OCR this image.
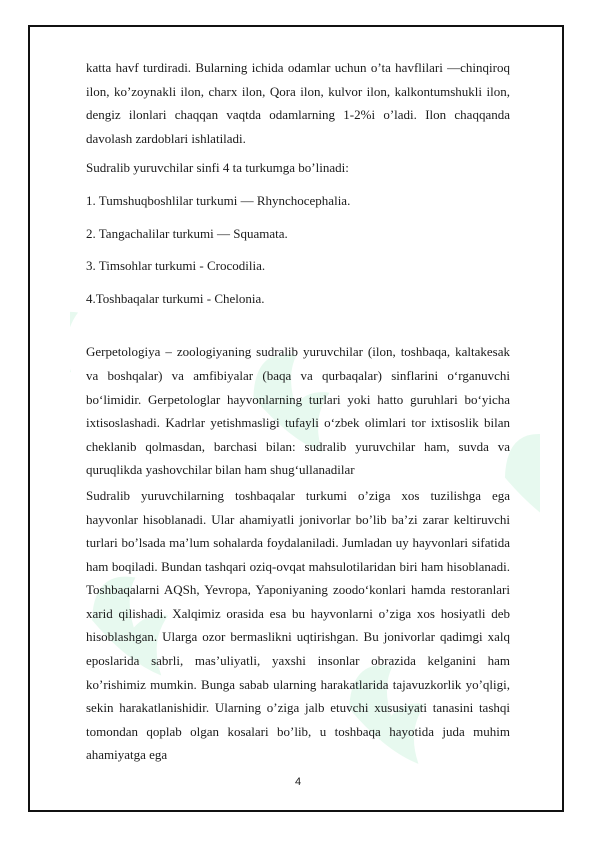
katta havf turdiradi. Bularning ichida odamlar uchun o’ta havflilari —chinqiroq ilon, ko’zoynakli ilon, charx ilon, Qora ilon, kulvor ilon, kalkontumshukli ilon, dengiz ilonlari chaqqan vaqtda odamlarning 1-2%i o’ladi. Ilon chaqqanda davolash zardoblari ishlatiladi.

Sudralib yuruvchilar sinfi 4 ta turkumga bo’linadi:

1. Tumshuqboshlilar turkumi — Rhynchocephalia.

2. Tangachalilar turkumi — Squamata.

3. Timsohlar turkumi - Crocodilia.

4.Toshbaqalar turkumi - Chelonia.

Gerpetologiya – zoologiyaning sudralib yuruvchilar (ilon, toshbaqa, kaltakesak va boshqalar) va amfibiyalar (baqa va qurbaqalar) sinflarini o‘rganuvchi bo‘limidir. Gerpetologlar hayvonlarning turlari yoki hatto guruhlari bo‘yicha ixtisoslashadi. Kadrlar yetishmasligi tufayli o‘zbek olimlari tor ixtisoslik bilan cheklanib qolmasdan, barchasi bilan: sudralib yuruvchilar ham, suvda va quruqlikda yashovchilar bilan ham shug‘ullanadilar

Sudralib yuruvchilarning toshbaqalar turkumi o’ziga xos tuzilishga ega hayvonlar hisoblanadi. Ular ahamiyatli jonivorlar bo’lib ba’zi zarar keltiruvchi turlari bo’lsada ma’lum sohalarda foydalaniladi. Jumladan uy hayvonlari sifatida ham boqiladi. Bundan tashqari oziq-ovqat mahsulotilaridan biri ham hisoblanadi. Toshbaqalarni AQSh, Yevropa, Yaponiyaning zoodo‘konlari hamda restoranlari xarid qilishadi. Xalqimiz orasida esa bu hayvonlarni o’ziga xos hosiyatli deb hisoblashgan. Ularga ozor bermaslikni uqtirishgan. Bu jonivorlar qadimgi xalq eposlarida sabrli, mas’uliyatli, yaxshi insonlar obrazida kelganini ham ko’rishimiz mumkin. Bunga sabab ularning harakatlarida tajavuzkorlik yo’qligi, sekin harakatlanishidir. Ularning o’ziga jalb etuvchi xususiyati tanasini tashqi tomondan qoplab olgan kosalari bo’lib, u toshbaqa hayotida juda muhim ahamiyatga ega

4
